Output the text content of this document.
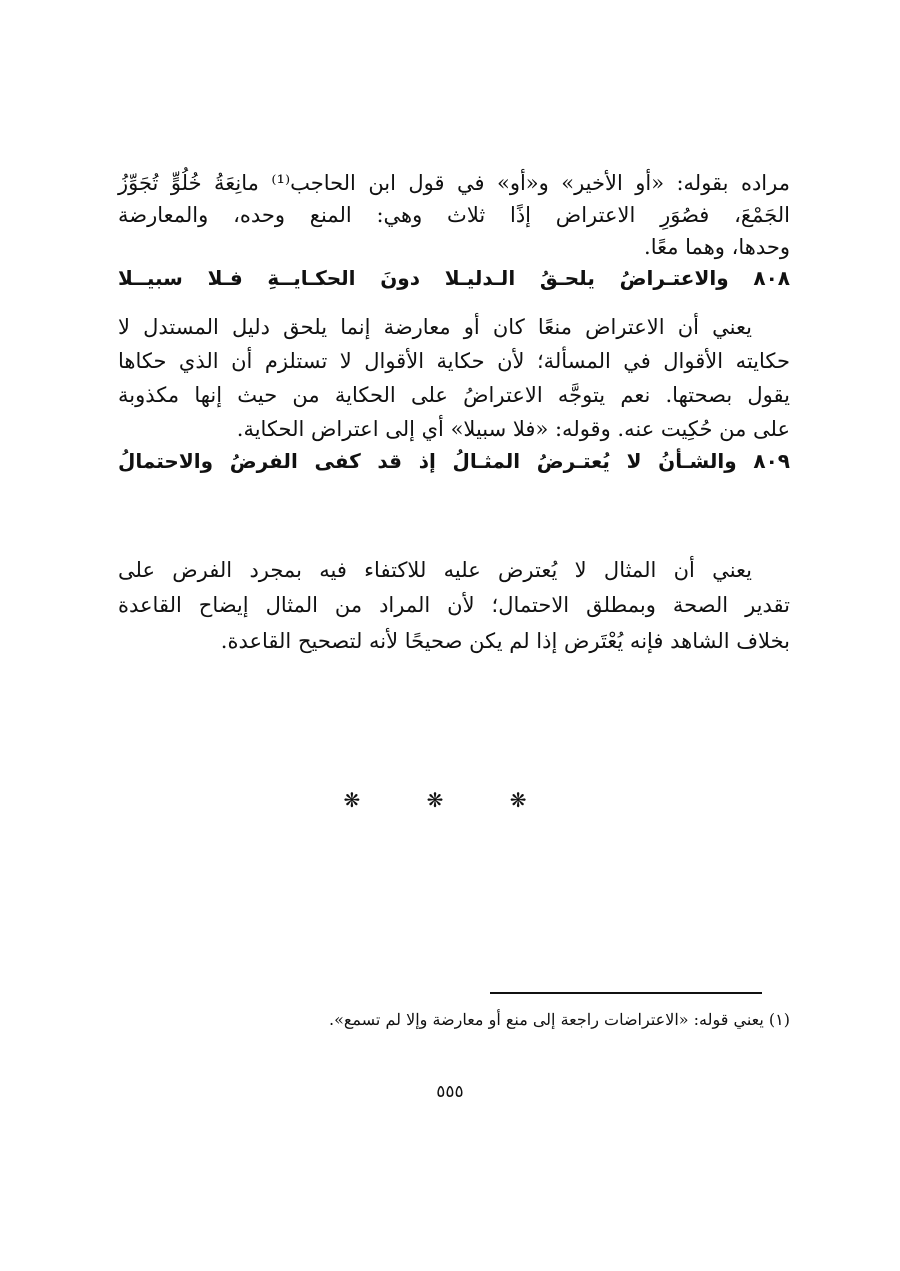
مراده بقوله: «أو الأخير» و«أو» في قول ابن الحاجب⁽¹⁾ مانِعَةُ خُلُوٍّ تُجَوِّزُ
الجَمْعَ، فصُوَرِ الاعتراض إذًا ثلاث وهي: المنع وحده، والمعارضة
وحدها، وهما معًا.
٨٠٨ والاعتـراضُ يلحـقُ الـدليـلا دونَ الحكـايــةِ فـلا سبيــلا
يعني أن الاعتراض منعًا كان أو معارضة إنما يلحق دليل المستدل لا
حكايته الأقوال في المسألة؛ لأن حكاية الأقوال لا تستلزم أن الذي حكاها
يقول بصحتها. نعم يتوجَّه الاعتراضُ على الحكاية من حيث إنها مكذوبة
على من حُكِيت عنه. وقوله: «فلا سبيلا» أي إلى اعتراض الحكاية.
٨٠٩ والشـأنُ لا يُعتـرضُ المثـالُ إذ قد كفى الفرضُ والاحتمالُ
يعني أن المثال لا يُعترض عليه للاكتفاء فيه بمجرد الفرض على
تقدير الصحة وبمطلق الاحتمال؛ لأن المراد من المثال إيضاح القاعدة
بخلاف الشاهد فإنه يُعْتَرض إذا لم يكن صحيحًا لأنه لتصحيح القاعدة.
❋ ❋ ❋
(١) يعني قوله: «الاعتراضات راجعة إلى منع أو معارضة وإلا لم تسمع».
٥٥٥
